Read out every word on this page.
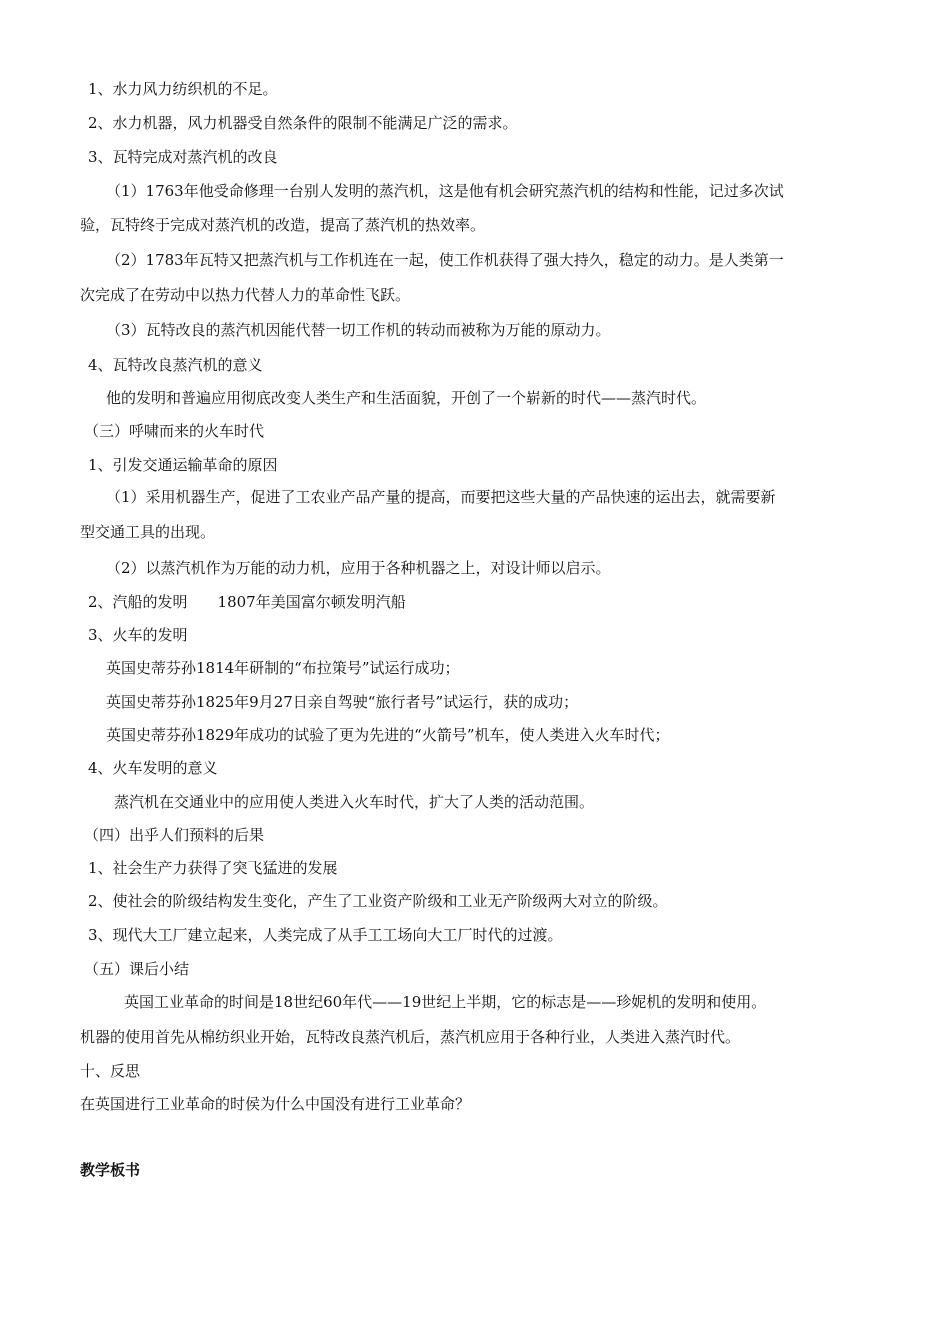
1、水力风力纺织机的不足。
2、水力机器，风力机器受自然条件的限制不能满足广泛的需求。
3、瓦特完成对蒸汽机的改良
（1）1763年他受命修理一台别人发明的蒸汽机，这是他有机会研究蒸汽机的结构和性能，记过多次试
验，瓦特终于完成对蒸汽机的改造，提高了蒸汽机的热效率。
（2）1783年瓦特又把蒸汽机与工作机连在一起，使工作机获得了强大持久，稳定的动力。是人类第一
次完成了在劳动中以热力代替人力的革命性飞跃。
（3）瓦特改良的蒸汽机因能代替一切工作机的转动而被称为万能的原动力。
4、瓦特改良蒸汽机的意义
他的发明和普遍应用彻底改变人类生产和生活面貌，开创了一个崭新的时代——蒸汽时代。
（三）呼啸而来的火车时代
1、引发交通运输革命的原因
（1）采用机器生产，促进了工农业产品产量的提高，而要把这些大量的产品快速的运出去，就需要新
型交通工具的出现。
（2）以蒸汽机作为万能的动力机，应用于各种机器之上，对设计师以启示。
2、汽船的发明　　1807年美国富尔顿发明汽船
3、火车的发明
英国史蒂芬孙1814年研制的“布拉策号”试运行成功；
英国史蒂芬孙1825年9月27日亲自驾驶“旅行者号”试运行，获的成功；
英国史蒂芬孙1829年成功的试验了更为先进的“火箭号”机车，使人类进入火车时代；
4、火车发明的意义
蒸汽机在交通业中的应用使人类进入火车时代，扩大了人类的活动范围。
（四）出乎人们预料的后果
1、社会生产力获得了突飞猛进的发展
2、使社会的阶级结构发生变化，产生了工业资产阶级和工业无产阶级两大对立的阶级。
3、现代大工厂建立起来，人类完成了从手工工场向大工厂时代的过渡。
（五）课后小结
英国工业革命的时间是18世纪60年代——19世纪上半期，它的标志是——珍妮机的发明和使用。
机器的使用首先从棉纺织业开始，瓦特改良蒸汽机后，蒸汽机应用于各种行业，人类进入蒸汽时代。
十、反思
在英国进行工业革命的时侯为什么中国没有进行工业革命？
教学板书
